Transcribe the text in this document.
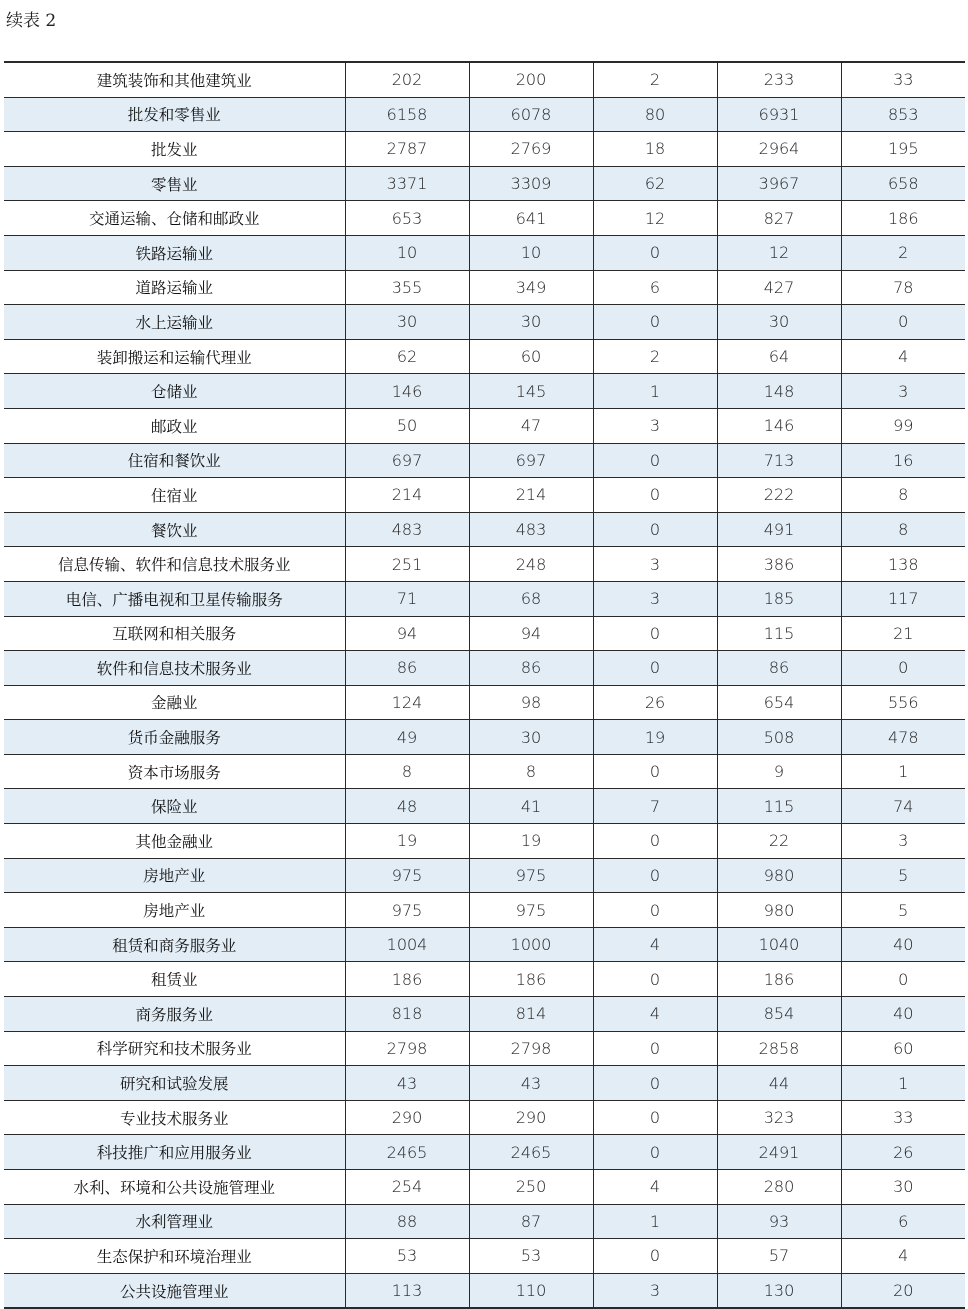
续表 2
建筑装饰和其他建筑业	202	200	2	233	33
批发和零售业	6158	6078	80	6931	853
批发业	2787	2769	18	2964	195
零售业	3371	3309	62	3967	658
交通运输、仓储和邮政业	653	641	12	827	186
铁路运输业	10	10	0	12	2
道路运输业	355	349	6	427	78
水上运输业	30	30	0	30	0
装卸搬运和运输代理业	62	60	2	64	4
仓储业	146	145	1	148	3
邮政业	50	47	3	146	99
住宿和餐饮业	697	697	0	713	16
住宿业	214	214	0	222	8
餐饮业	483	483	0	491	8
信息传输、软件和信息技术服务业	251	248	3	386	138
电信、广播电视和卫星传输服务	71	68	3	185	117
互联网和相关服务	94	94	0	115	21
软件和信息技术服务业	86	86	0	86	0
金融业	124	98	26	654	556
货币金融服务	49	30	19	508	478
资本市场服务	8	8	0	9	1
保险业	48	41	7	115	74
其他金融业	19	19	0	22	3
房地产业	975	975	0	980	5
房地产业	975	975	0	980	5
租赁和商务服务业	1004	1000	4	1040	40
租赁业	186	186	0	186	0
商务服务业	818	814	4	854	40
科学研究和技术服务业	2798	2798	0	2858	60
研究和试验发展	43	43	0	44	1
专业技术服务业	290	290	0	323	33
科技推广和应用服务业	2465	2465	0	2491	26
水利、环境和公共设施管理业	254	250	4	280	30
水利管理业	88	87	1	93	6
生态保护和环境治理业	53	53	0	57	4
公共设施管理业	113	110	3	130	20
